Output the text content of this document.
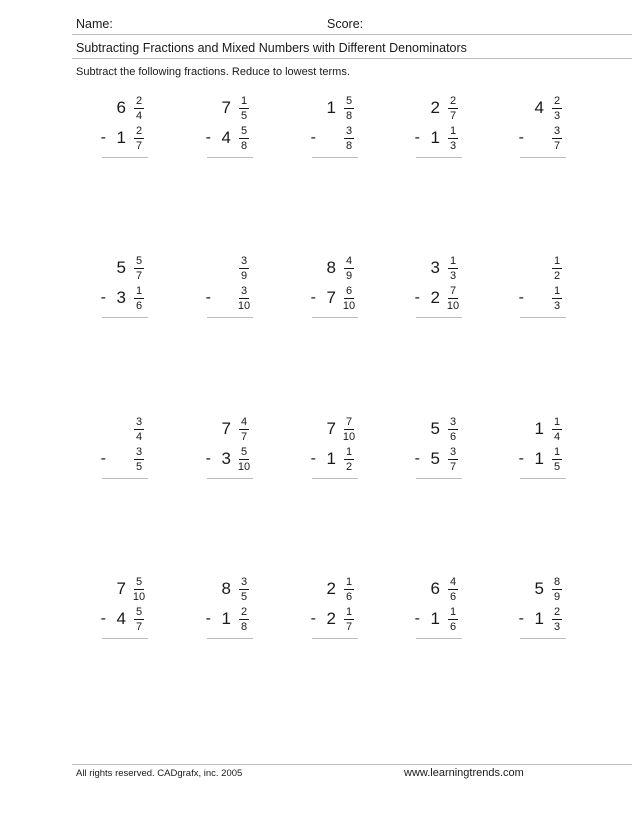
Name:	Score:
Subtracting Fractions and Mixed Numbers with Different Denominators
Subtract the following fractions. Reduce to lowest terms.
$6 \frac{2}{4}$
- $1 \frac{2}{7}$
$7 \frac{1}{5}$
- $4 \frac{5}{8}$
$1 \frac{5}{8}$
- $\frac{3}{8}$
$2 \frac{2}{7}$
- $1 \frac{1}{3}$
$4 \frac{2}{3}$
- $\frac{3}{7}$
$5 \frac{5}{7}$
- $3 \frac{1}{6}$
$\frac{3}{9}$
- $\frac{3}{10}$
$8 \frac{4}{9}$
- $7 \frac{6}{10}$
$3 \frac{1}{3}$
- $2 \frac{7}{10}$
$\frac{1}{2}$
- $\frac{1}{3}$
$\frac{3}{4}$
- $\frac{3}{5}$
$7 \frac{4}{7}$
- $3 \frac{5}{10}$
$7 \frac{7}{10}$
- $1 \frac{1}{2}$
$5 \frac{3}{6}$
- $5 \frac{3}{7}$
$1 \frac{1}{4}$
- $1 \frac{1}{5}$
$7 \frac{5}{10}$
- $4 \frac{5}{7}$
$8 \frac{3}{5}$
- $1 \frac{2}{8}$
$2 \frac{1}{6}$
- $2 \frac{1}{7}$
$6 \frac{4}{6}$
- $1 \frac{1}{6}$
$5 \frac{8}{9}$
- $1 \frac{2}{3}$
All rights reserved. CADgrafx, inc. 2005	www.learningtrends.com
